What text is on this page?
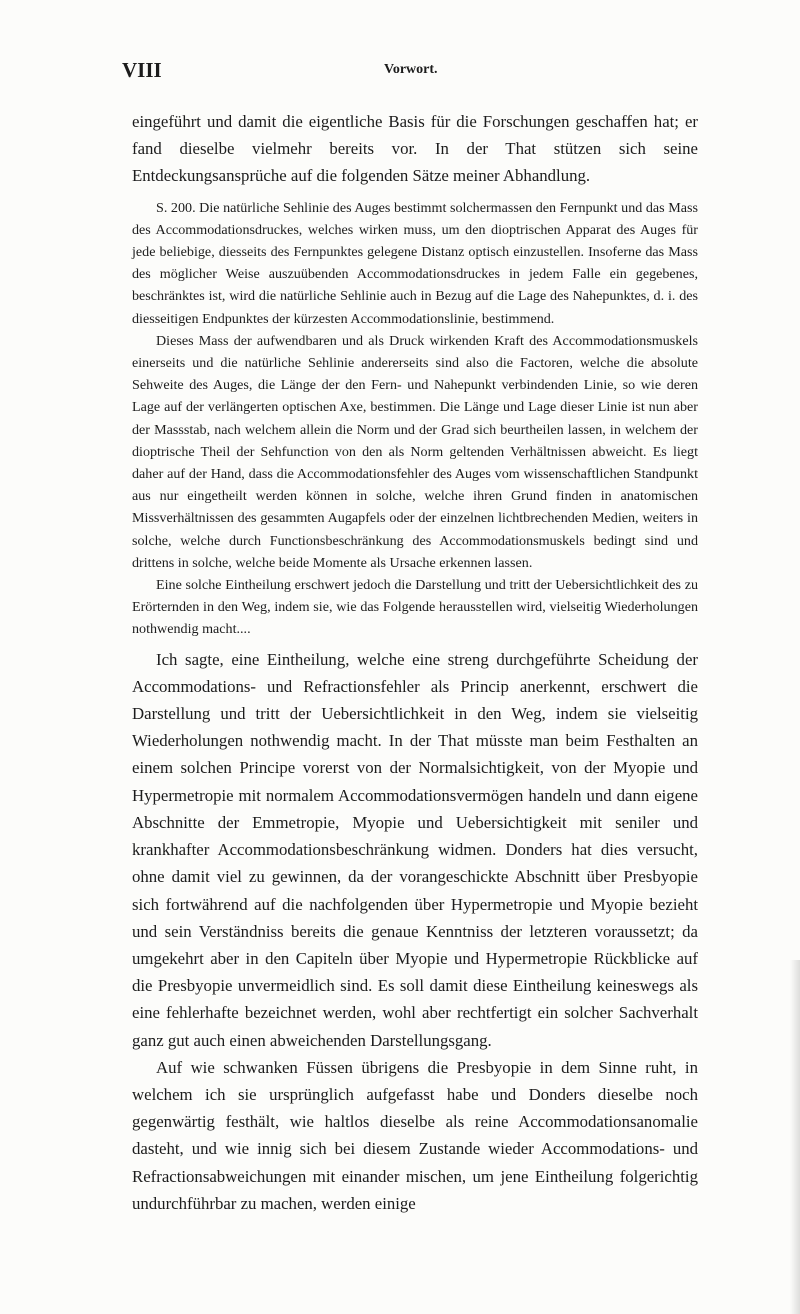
VIII	Vorwort.

eingeführt und damit die eigentliche Basis für die Forschungen geschaffen hat; er fand dieselbe vielmehr bereits vor. In der That stützen sich seine Entdeckungsansprüche auf die folgenden Sätze meiner Abhandlung.

S. 200. Die natürliche Sehlinie des Auges bestimmt solchermassen den Fernpunkt und das Mass des Accommodationsdruckes, welches wirken muss, um den dioptrischen Apparat des Auges für jede beliebige, diesseits des Fernpunktes gelegene Distanz optisch einzustellen. Insoferne das Mass des möglicher Weise auszuübenden Accommodationsdruckes in jedem Falle ein gegebenes, beschränktes ist, wird die natürliche Sehlinie auch in Bezug auf die Lage des Nahepunktes, d. i. des diesseitigen Endpunktes der kürzesten Accommodationslinie, bestimmend.

Dieses Mass der aufwendbaren und als Druck wirkenden Kraft des Accommodationsmuskels einerseits und die natürliche Sehlinie andererseits sind also die Factoren, welche die absolute Sehweite des Auges, die Länge der den Fern- und Nahepunkt verbindenden Linie, so wie deren Lage auf der verlängerten optischen Axe, bestimmen. Die Länge und Lage dieser Linie ist nun aber der Massstab, nach welchem allein die Norm und der Grad sich beurtheilen lassen, in welchem der dioptrische Theil der Sehfunction von den als Norm geltenden Verhältnissen abweicht. Es liegt daher auf der Hand, dass die Accommodationsfehler des Auges vom wissenschaftlichen Standpunkt aus nur eingetheilt werden können in solche, welche ihren Grund finden in anatomischen Missverhältnissen des gesammten Augapfels oder der einzelnen lichtbrechenden Medien, weiters in solche, welche durch Functionsbeschränkung des Accommodationsmuskels bedingt sind und drittens in solche, welche beide Momente als Ursache erkennen lassen.

Eine solche Eintheilung erschwert jedoch die Darstellung und tritt der Uebersichtlichkeit des zu Erörternden in den Weg, indem sie, wie das Folgende herausstellen wird, vielseitig Wiederholungen nothwendig macht....

Ich sagte, eine Eintheilung, welche eine streng durchgeführte Scheidung der Accommodations- und Refractionsfehler als Princip anerkennt, erschwert die Darstellung und tritt der Uebersichtlichkeit in den Weg, indem sie vielseitig Wiederholungen nothwendig macht. In der That müsste man beim Festhalten an einem solchen Principe vorerst von der Normalsichtigkeit, von der Myopie und Hypermetropie mit normalem Accommodationsvermögen handeln und dann eigene Abschnitte der Emmetropie, Myopie und Uebersichtigkeit mit seniler und krankhafter Accommodationsbeschränkung widmen. Donders hat dies versucht, ohne damit viel zu gewinnen, da der vorangeschickte Abschnitt über Presbyopie sich fortwährend auf die nachfolgenden über Hypermetropie und Myopie bezieht und sein Verständniss bereits die genaue Kenntniss der letzteren voraussetzt; da umgekehrt aber in den Capiteln über Myopie und Hypermetropie Rückblicke auf die Presbyopie unvermeidlich sind. Es soll damit diese Eintheilung keineswegs als eine fehlerhafte bezeichnet werden, wohl aber rechtfertigt ein solcher Sachverhalt ganz gut auch einen abweichenden Darstellungsgang.

Auf wie schwanken Füssen übrigens die Presbyopie in dem Sinne ruht, in welchem ich sie ursprünglich aufgefasst habe und Donders dieselbe noch gegenwärtig festhält, wie haltlos dieselbe als reine Accommodationsanomalie dasteht, und wie innig sich bei diesem Zustande wieder Accommodations- und Refractionsabweichungen mit einander mischen, um jene Eintheilung folgerichtig undurchführbar zu machen, werden einige
